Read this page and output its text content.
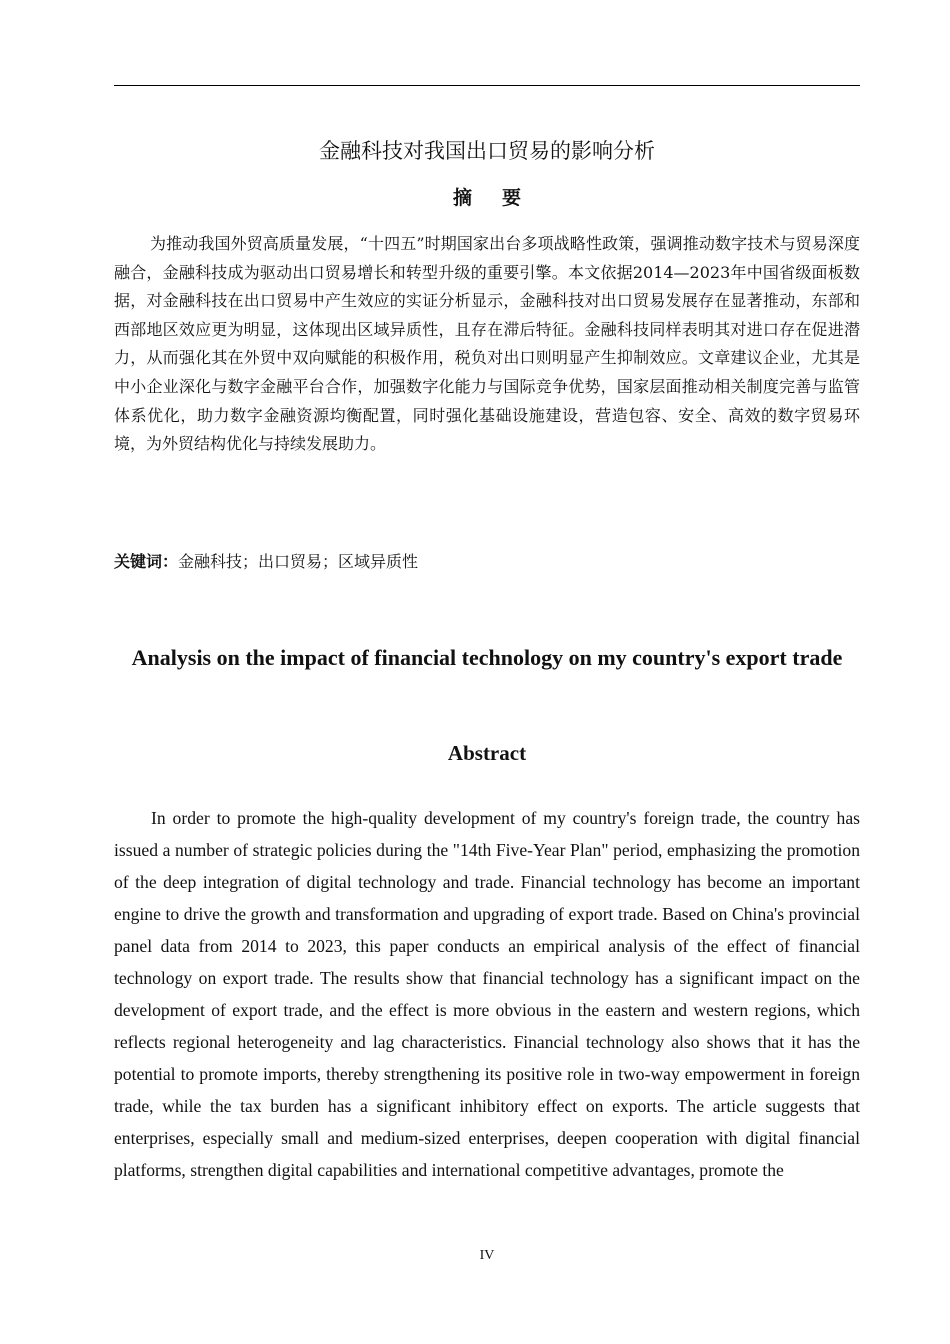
金融科技对我国出口贸易的影响分析
摘要

为推动我国外贸高质量发展，“十四五”时期国家出台多项战略性政策，强调推动数字技术与贸易深度融合，金融科技成为驱动出口贸易增长和转型升级的重要引擎。本文依据2014—2023年中国省级面板数据，对金融科技在出口贸易中产生效应的实证分析显示，金融科技对出口贸易发展存在显著推动，东部和西部地区效应更为明显，这体现出区域异质性，且存在滞后特征。金融科技同样表明其对进口存在促进潜力，从而强化其在外贸中双向赋能的积极作用，税负对出口则明显产生抑制效应。文章建议企业，尤其是中小企业深化与数字金融平台合作，加强数字化能力与国际竞争优势，国家层面推动相关制度完善与监管体系优化，助力数字金融资源均衡配置，同时强化基础设施建设，营造包容、安全、高效的数字贸易环境，为外贸结构优化与持续发展助力。

关键词：金融科技；出口贸易；区域异质性
Analysis on the impact of financial technology on my country's export trade
Abstract

In order to promote the high-quality development of my country's foreign trade, the country has issued a number of strategic policies during the "14th Five-Year Plan" period, emphasizing the promotion of the deep integration of digital technology and trade. Financial technology has become an important engine to drive the growth and transformation and upgrading of export trade. Based on China's provincial panel data from 2014 to 2023, this paper conducts an empirical analysis of the effect of financial technology on export trade. The results show that financial technology has a significant impact on the development of export trade, and the effect is more obvious in the eastern and western regions, which reflects regional heterogeneity and lag characteristics. Financial technology also shows that it has the potential to promote imports, thereby strengthening its positive role in two-way empowerment in foreign trade, while the tax burden has a significant inhibitory effect on exports. The article suggests that enterprises, especially small and medium-sized enterprises, deepen cooperation with digital financial platforms, strengthen digital capabilities and international competitive advantages, promote the

IV
